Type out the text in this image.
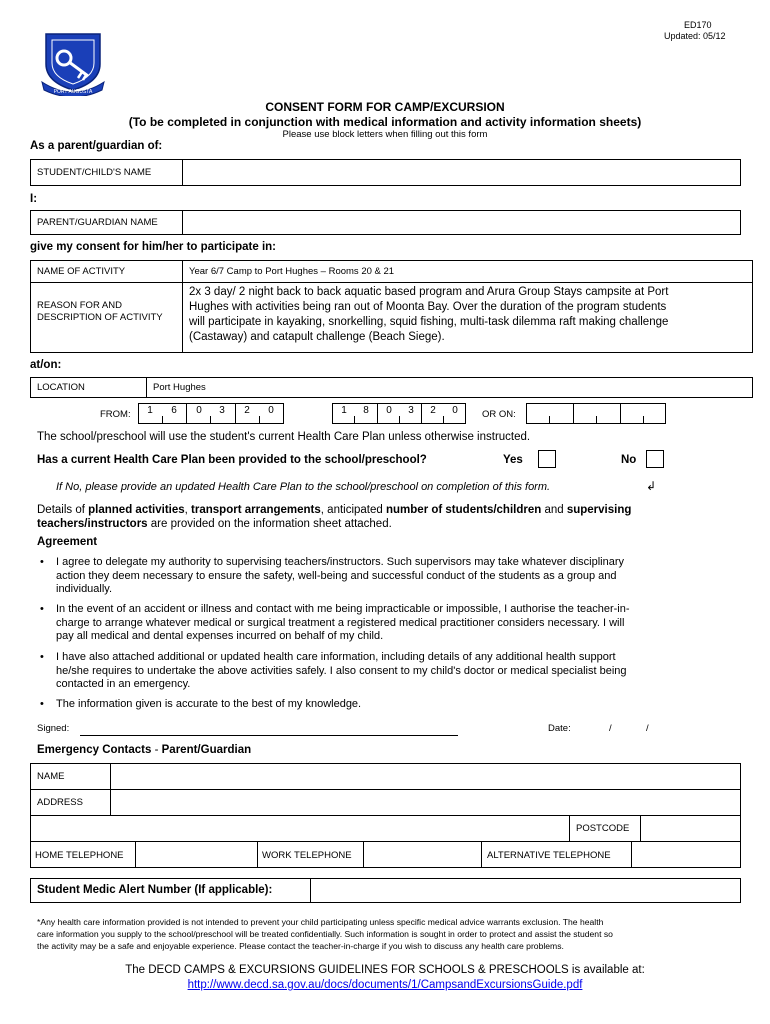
ED170
Updated: 05/12
PORT AUGUSTA
CONSENT FORM FOR CAMP/EXCURSION
(To be completed in conjunction with medical information and activity information sheets)
Please use block letters when filling out this form
As a parent/guardian of:
STUDENT/CHILD'S NAME
I:
PARENT/GUARDIAN NAME
give my consent for him/her to participate in:
NAME OF ACTIVITY	Year 6/7 Camp to Port Hughes – Rooms 20 & 21
REASON FOR AND
DESCRIPTION OF ACTIVITY
2x 3 day/ 2 night back to back aquatic based program and Arura Group Stays campsite at Port
Hughes with activities being ran out of Moonta Bay. Over the duration of the program students
will participate in kayaking, snorkelling, squid fishing, multi-task dilemma raft making challenge
(Castaway) and catapult challenge (Beach Siege).
at/on:
LOCATION	Port Hughes
FROM:	1	6	0	3	2	0	1	8	0	3	2	0	OR ON:
The school/preschool will use the student's current Health Care Plan unless otherwise instructed.
Has a current Health Care Plan been provided to the school/preschool?	Yes	No
If No, please provide an updated Health Care Plan to the school/preschool on completion of this form.	↲
Details of planned activities, transport arrangements, anticipated number of students/children and supervising
teachers/instructors are provided on the information sheet attached.
Agreement
• I agree to delegate my authority to supervising teachers/instructors. Such supervisors may take whatever disciplinary
action they deem necessary to ensure the safety, well-being and successful conduct of the students as a group and
individually.
• In the event of an accident or illness and contact with me being impracticable or impossible, I authorise the teacher-in-
charge to arrange whatever medical or surgical treatment a registered medical practitioner considers necessary. I will
pay all medical and dental expenses incurred on behalf of my child.
• I have also attached additional or updated health care information, including details of any additional health support
he/she requires to undertake the above activities safely. I also consent to my child's doctor or medical specialist being
contacted in an emergency.
• The information given is accurate to the best of my knowledge.
Signed:	Date:	/	/
Emergency Contacts - Parent/Guardian
NAME
ADDRESS
POSTCODE
HOME TELEPHONE	WORK TELEPHONE	ALTERNATIVE TELEPHONE
Student Medic Alert Number (If applicable):
*Any health care information provided is not intended to prevent your child participating unless specific medical advice warrants exclusion. The health
care information you supply to the school/preschool will be treated confidentially. Such information is sought in order to protect and assist the student so
the activity may be a safe and enjoyable experience. Please contact the teacher-in-charge if you wish to discuss any health care problems.
The DECD CAMPS & EXCURSIONS GUIDELINES FOR SCHOOLS & PRESCHOOLS is available at:
http://www.decd.sa.gov.au/docs/documents/1/CampsandExcursionsGuide.pdf
